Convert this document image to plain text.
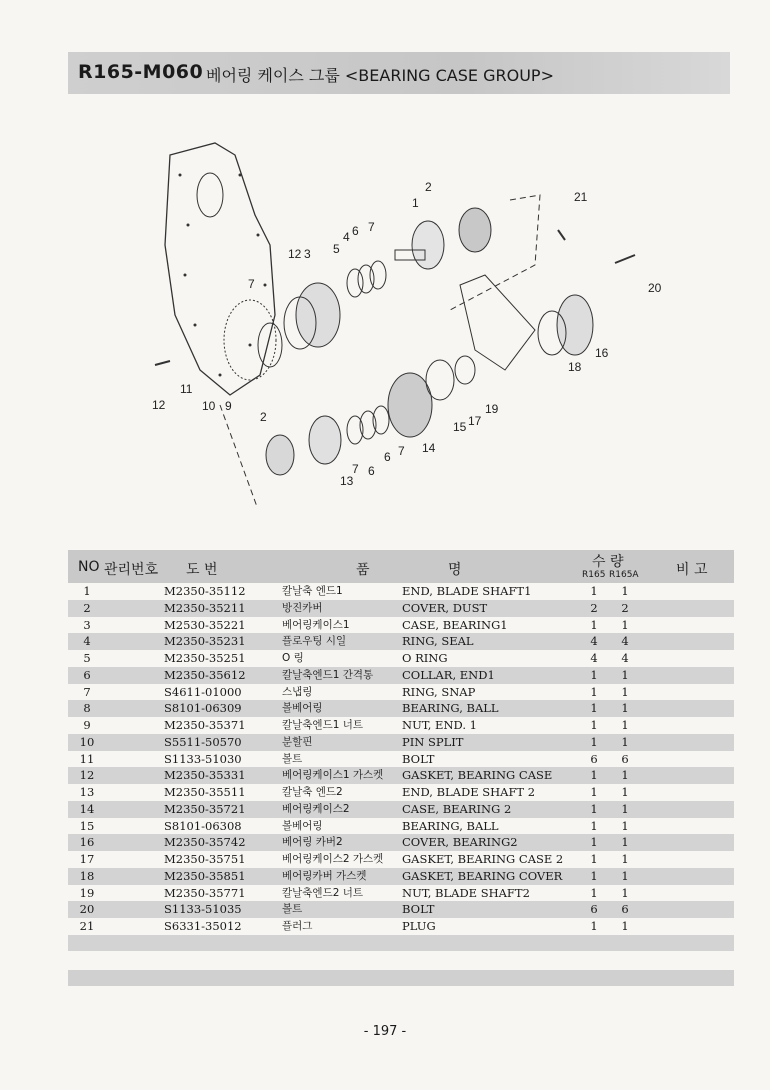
R165-M060 베어링 케이스 그룹 <BEARING CASE GROUP>
2
1	21
7
6
5
4
12 3
7	20
16
18
11
12	10 9	19
17
15
2
14
7
6
6
7
13
NO 관리번호 도 번	품	명	수 량
R165 R165A	비 고
1	M2350-35112	칼날축 엔드1	END, BLADE SHAFT1	1	1
2	M2350-35211	방진카버	COVER, DUST	2	2
3	M2530-35221	베어링케이스1	CASE, BEARING1	1	1
4	M2350-35231	플로우팅 시일	RING, SEAL	4	4
5	M2350-35251	O 링	O RING	4	4
6	M2350-35612	칼날축엔드1 간격통	COLLAR, END1	1	1
7	S4611-01000	스냅링	RING, SNAP	1	1
8	S8101-06309	볼베어링	BEARING, BALL	1	1
9	M2350-35371	칼날축엔드1 너트	NUT, END. 1	1	1
10	S5511-50570	분할핀	PIN SPLIT	1	1
11	S1133-51030	볼트	BOLT	6	6
12	M2350-35331	베어링케이스1 가스켓 GASKET, BEARING CASE	1	1
13	M2350-35511	칼날축 엔드2	END, BLADE SHAFT 2	1	1
14	M2350-35721	베어링케이스2	CASE, BEARING 2	1	1
15	S8101-06308	볼베어링	BEARING, BALL	1	1
16	M2350-35742	베어링 카버2	COVER, BEARING2	1	1
17	M2350-35751	베어링케이스2 가스켓 GASKET, BEARING CASE 2	1	1
18	M2350-35851	베어링카버 가스켓	GASKET, BEARING COVER	1	1
19	M2350-35771	칼날축엔드2 너트	NUT, BLADE SHAFT2	1	1
20	S1133-51035	볼트	BOLT	6	6
21	S6331-35012	플러그	PLUG	1	1
- 197 -
